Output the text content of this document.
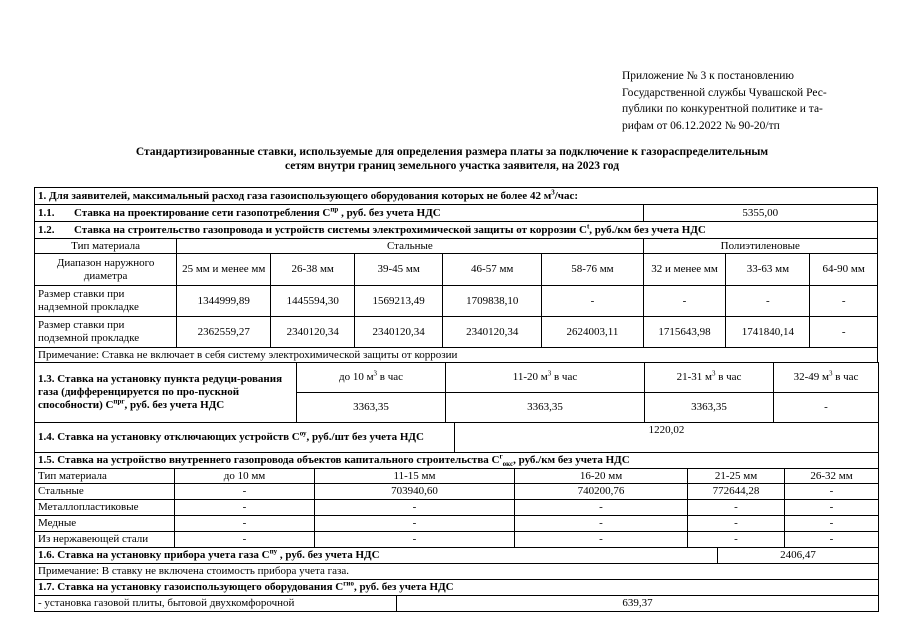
Приложение № 3 к постановлению
Государственной службы Чувашской Рес-
публики по конкурентной политике и та-
рифам от 06.12.2022 № 90-20/тп
Стандартизированные ставки, используемые для определения размера платы за подключение к газораспределительным
сетям внутри границ земельного участка заявителя, на 2023 год
1. Для заявителей, максимальный расход газа газоиспользующего оборудования которых не более 42 $м^3$/час:								
1.1. Ставка на проектирование сети газопотребления $С^{пр}$ , руб. без учета НДС						5355,00		
1.2. Ставка на строительство газопровода и устройств системы электрохимической защиты от коррозии $С^t$, руб./км без учета НДС								
Тип материала	Стальные					Полиэтиленовые		
Диапазон наружного диаметра	25 мм и менее мм	26-38 мм	39-45 мм	46-57 мм	58-76 мм	32 и менее мм	33-63 мм	64-90 мм
Размер ставки при надземной прокладке	1344999,89	1445594,30	1569213,49	1709838,10	-	-	-	-
Размер ставки при подземной прокладке	2362559,27	2340120,34	2340120,34	2340120,34	2624003,11	1715643,98	1741840,14	-
Примечание: Ставка не включает в себя систему электрохимической защиты от коррозии								
1.3. Ставка на установку пункта редуци-рования газа (дифференцируется по про-пускной способности) $С^{прг}$, руб. без учета НДС	до 10 $м^3$ в час	11-20 $м^3$ в час	21-31 $м^3$ в час	32-49 $м^3$ в час
	3363,35	3363,35	3363,35	-
1.4. Ставка на установку отключающих устройств $С^{оу}$, руб./шт без учета НДС	1220,02
1.5. Ставка на устройство внутреннего газопровода объектов капитального строительства $С^г_{окс}$, руб./км без учета НДС					
Тип материала	до 10 мм	11-15 мм	16-20 мм	21-25 мм	26-32 мм
Стальные	-	703940,60	740200,76	772644,28	-
Металлопластиковые	-	-	-	-	-
Медные	-	-	-	-	-
Из нержавеющей стали	-	-	-	-	-
1.6. Ставка на установку прибора учета газа $С^{пу}$ , руб. без учета НДС	2406,47
Примечание: В ставку не включена стоимость прибора учета газа.
1.7. Ставка на установку газоиспользующего оборудования $С^{гио}$, руб. без учета НДС
- установка газовой плиты, бытовой двухкомфорочной	639,37
